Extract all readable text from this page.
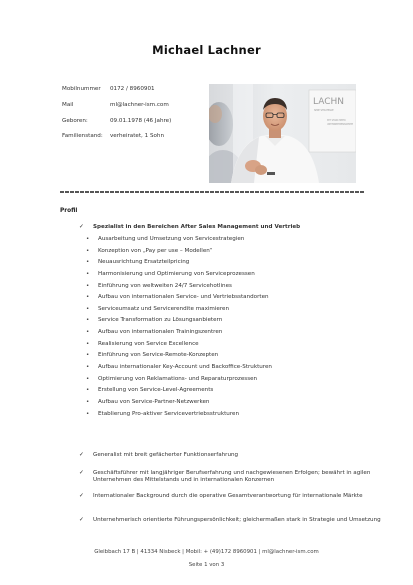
Michael Lachner
Mobilnummer	0172 / 8960901
Mail	ml@lachner-ism.com
Geboren:	09.01.1978 (46 Jahre)
Familienstand:	verheiratet, 1 Sohn
LACHN
SIME STRATEGIE
MIT STARK MEHR
UNTERNEHMENSWERTE
Profil
✓ Spezialist in den Bereichen After Sales Management und Vertrieb
• Ausarbeitung und Umsetzung von Servicestrategien
• Konzeption von „Pay per use – Modellen“
• Neuausrichtung Ersatzteilpricing
• Harmonisierung und Optimierung von Serviceprozessen
• Einführung von weltweiten 24/7 Servicehotlines
• Aufbau von internationalen Service- und Vertriebsstandorten
• Serviceumsatz und Servicerendite maximieren
• Service Transformation zu Lösungsanbietern
• Aufbau von internationalen Trainingszentren
• Realisierung von Service Excellence
• Einführung von Service-Remote-Konzepten
• Aufbau internationaler Key-Account und Backoffice-Strukturen
• Optimierung von Reklamations- und Reparaturprozessen
• Erstellung von Service-Level-Agreements
• Aufbau von Service-Partner-Netzwerken
• Etablierung Pro-aktiver Servicevertriebsstrukturen
✓ Generalist mit breit gefächerter Funktionserfahrung
✓ Geschäftsführer mit langjähriger Berufserfahrung und nachgewiesenen Erfolgen; bewährt in agilen Unternehmen des Mittelstands und in internationalen Konzernen
✓ Internationaler Background durch die operative Gesamtverantwortung für internationale Märkte
✓ Unternehmerisch orientierte Führungspersönlichkeit; gleichermaßen stark in Strategie und Umsetzung
Gleibbach 17 B | 41334 Nisbeck | Mobil: + (49)172 8960901 | ml@lachner-ism.com
Seite 1 von 3
